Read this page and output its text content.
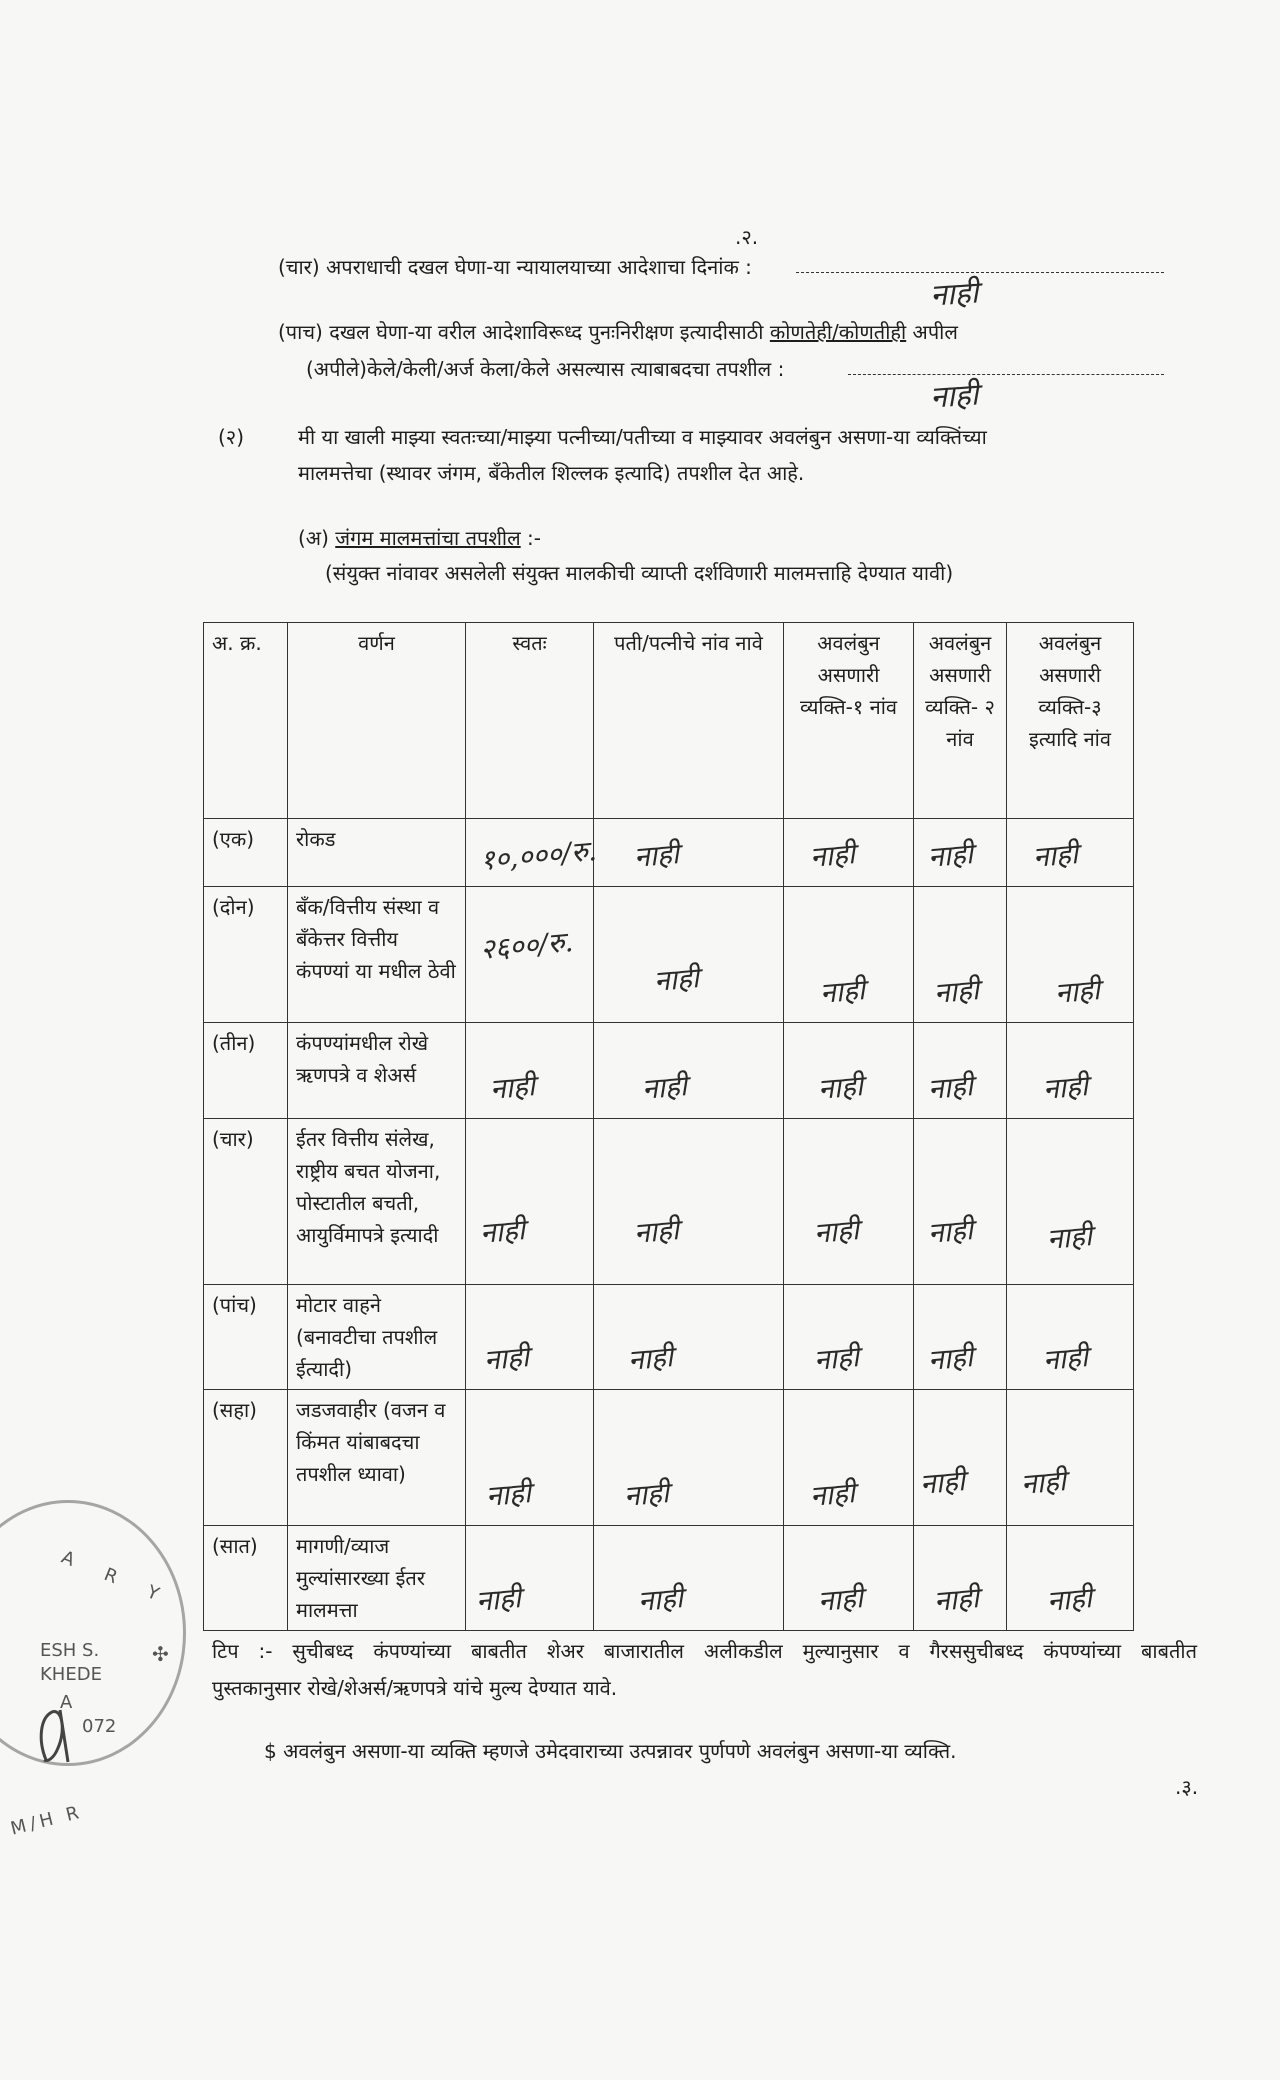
.२.
(चार) अपराधाची दखल घेणा-या न्यायालयाच्या आदेशाचा दिनांक :
नाही
(पाच) दखल घेणा-या वरील आदेशाविरूध्द पुनःनिरीक्षण इत्यादीसाठी कोणतेही/कोणतीही अपील
(अपीले)केले/केली/अर्ज केला/केले असल्यास त्याबाबदचा तपशील :
नाही
(२)	मी या खाली माझ्या स्वतःच्या/माझ्या पत्नीच्या/पतीच्या व माझ्यावर अवलंबुन असणा-या व्यक्तिंच्या
मालमत्तेचा (स्थावर जंगम, बॅंकेतील शिल्लक इत्यादि) तपशील देत आहे.
(अ) जंगम मालमत्तांचा तपशील :-
(संयुक्त नांवावर असलेली संयुक्त मालकीची व्याप्ती दर्शविणारी मालमत्ताहि देण्यात यावी)
अ. क्र.	वर्णन	स्वतः	पती/पत्नीचे नांव नावे	अवलंबुन असणारी व्यक्ति-१ नांव	अवलंबुन असणारी व्यक्ति- २ नांव	अवलंबुन असणारी व्यक्ति-३ इत्यादि नांव
(एक)	रोकड	१०,०००/रु.	नाही	नाही	नाही	नाही

(दोन)	बॅंक/वित्तीय संस्था व बॅंकेत्तर वित्तीय कंपण्यां या मधील ठेवी	२६००/रु.	नाही	नाही	नाही	नाही

(तीन)	कंपण्यांमधील रोखे ऋणपत्रे व शेअर्स	नाही	नाही	नाही	नाही	नाही

(चार)	ईतर वित्तीय संलेख, राष्ट्रीय बचत योजना, पोस्टातील बचती, आयुर्विमापत्रे इत्यादी	नाही	नाही	नाही	नाही	नाही

(पांच)	मोटार वाहने (बनावटीचा तपशील ईत्यादी)	नाही	नाही	नाही	नाही	नाही

(सहा)	जडजवाहीर (वजन व किंमत यांबाबदचा तपशील ध्यावा)	नाही	नाही	नाही	नाही	नाही

(सात)	मागणी/व्याज मुल्यांसारख्या ईतर मालमत्ता	नाही	नाही	नाही	नाही	नाही
टिप :- सुचीबध्द कंपण्यांच्या बाबतीत शेअर बाजारातील अलीकडील मुल्यानुसार व गैरससुचीबध्द कंपण्यांच्या बाबतीत
पुस्तकानुसार रोखे/शेअर्स/ऋणपत्रे यांचे मुल्य देण्यात यावे.
$ अवलंबुन असणा-या व्यक्ति म्हणजे उमेदवाराच्या उत्पन्नावर पुर्णपणे अवलंबुन असणा-या व्यक्ति.
.३.
A R Y
ESH S.
KHEDE
A
072
M/H R
✣
